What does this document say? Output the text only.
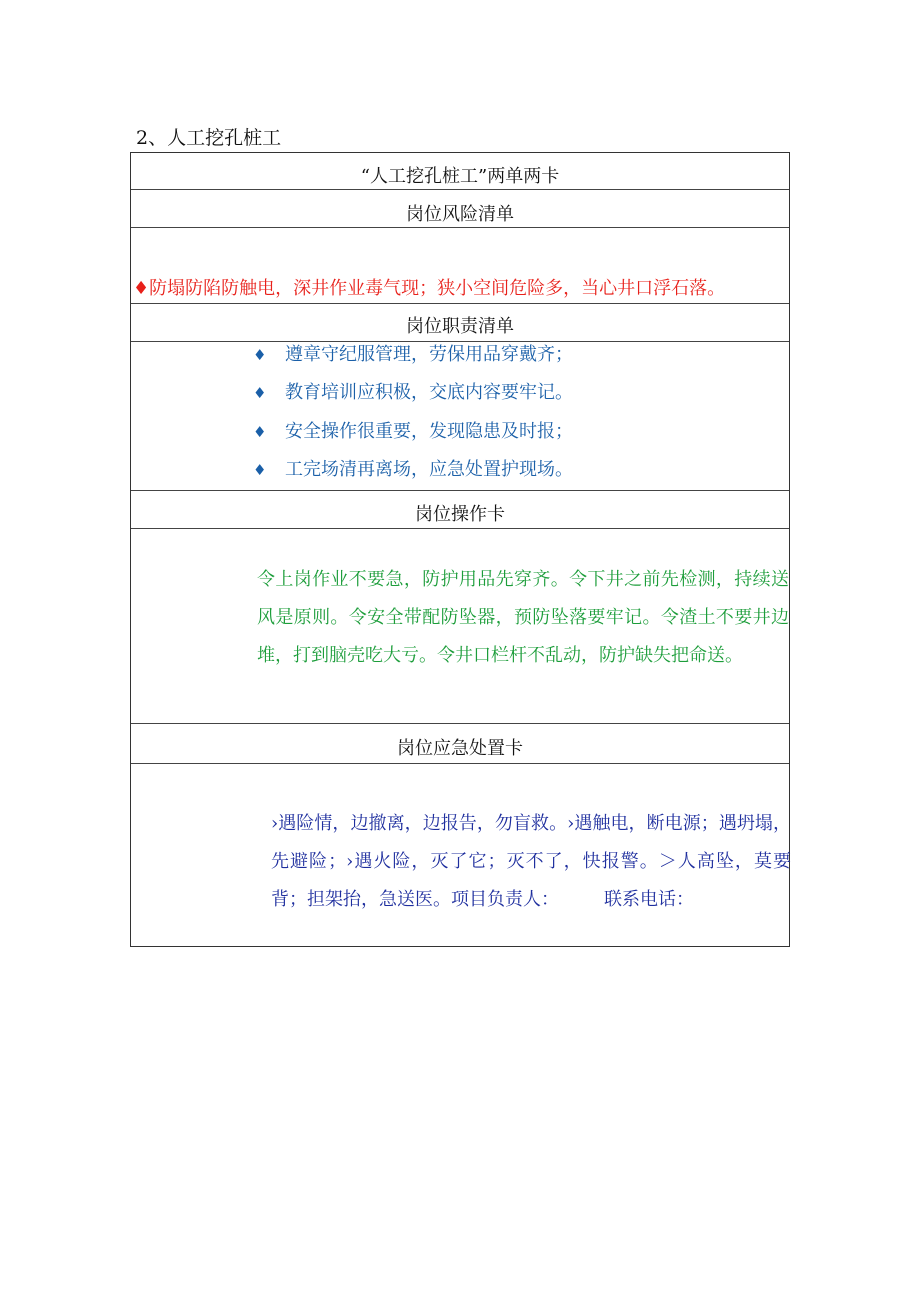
2、人工挖孔桩工
“人工挖孔桩工”两单两卡
岗位风险清单
♦防塌防陷防触电，深井作业毒气现；狭小空间危险多，当心井口浮石落。
岗位职责清单
♦ 遵章守纪服管理，劳保用品穿戴齐；
♦ 教育培训应积极，交底内容要牢记。
♦ 安全操作很重要，发现隐患及时报；
♦ 工完场清再离场，应急处置护现场。
岗位操作卡
令上岗作业不要急，防护用品先穿齐。令下井之前先检测，持续送风是原则。令安全带配防坠器，预防坠落要牢记。令渣土不要井边堆，打到脑壳吃大亏。令井口栏杆不乱动，防护缺失把命送。
岗位应急处置卡
›遇险情，边撤离，边报告，勿盲救。›遇触电，断电源；遇坍塌，先避险；›遇火险，灭了它；灭不了，快报警。＞人高坠，莫要背；担架抬，急送医。项目负责人：　　　联系电话：
